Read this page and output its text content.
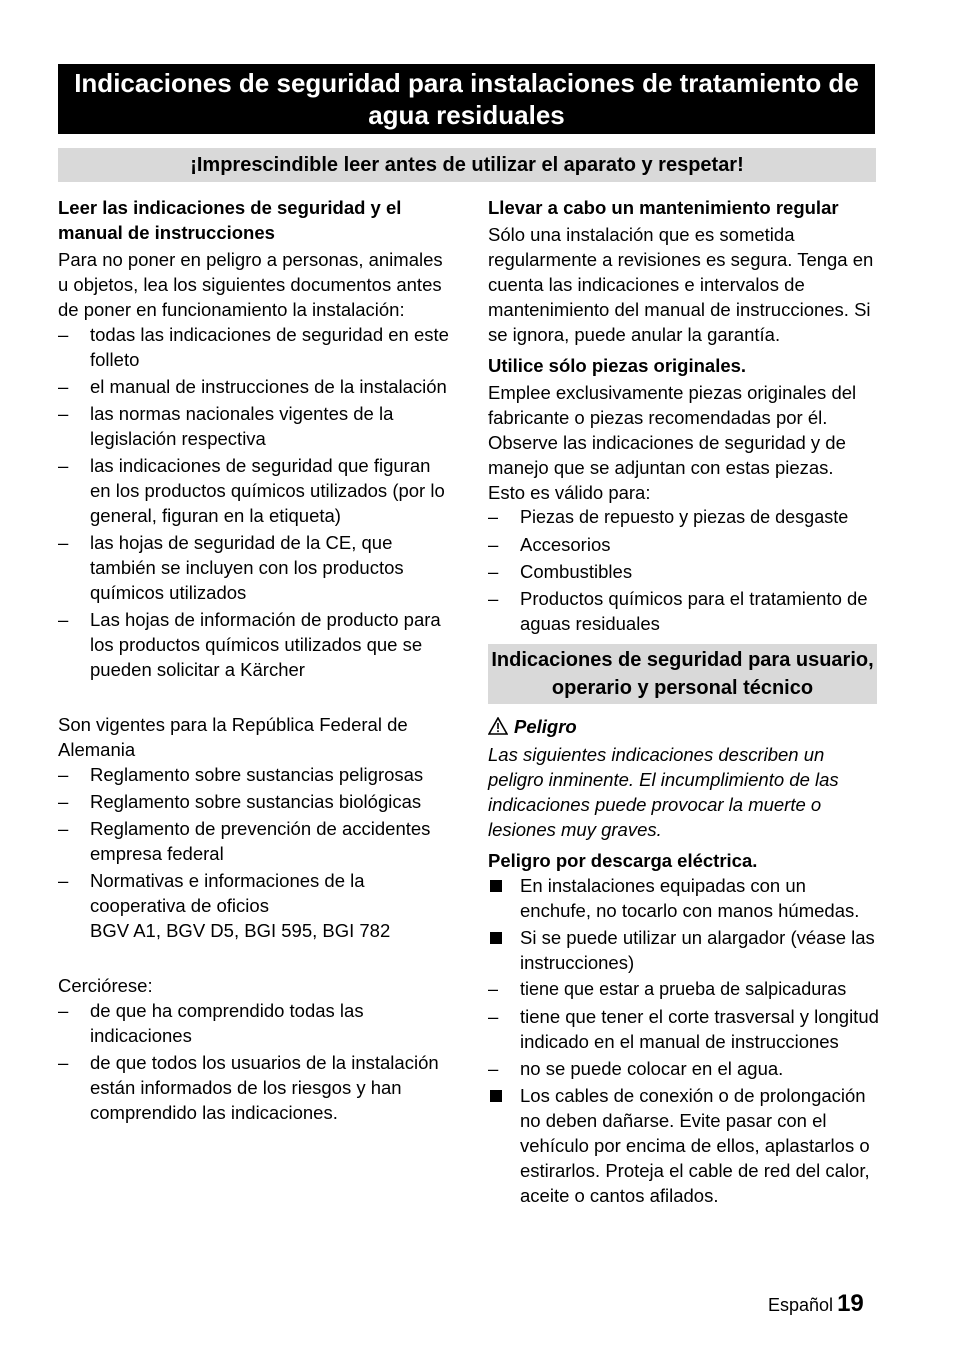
Indicaciones de seguridad para instalaciones de tratamiento de agua residuales
¡Imprescindible leer antes de utilizar el aparato y respetar!

Leer las indicaciones de seguridad y el manual de instrucciones

Para no poner en peligro a personas, animales u objetos, lea los siguientes documentos antes de poner en funcionamiento la instalación:

–	todas las indicaciones de seguridad en este folleto
–	el manual de instrucciones de la instalación
–	las normas nacionales vigentes de la legislación respectiva
–	las indicaciones de seguridad que figuran en los productos químicos utilizados (por lo general, figuran en la etiqueta)
–	las hojas de seguridad de la CE, que también se incluyen con los productos químicos utilizados
–	Las hojas de información de producto para los productos químicos utilizados que se pueden solicitar a Kärcher

Son vigentes para la República Federal de Alemania

–	Reglamento sobre sustancias peligrosas
–	Reglamento sobre sustancias biológicas
–	Reglamento de prevención de accidentes empresa federal
–	Normativas e informaciones de la cooperativa de oficios
BGV A1, BGV D5, BGI 595, BGI 782

Cerciórese:

–	de que ha comprendido todas las indicaciones
–	de que todos los usuarios de la instalación están informados de los riesgos y han comprendido las indicaciones.

Llevar a cabo un mantenimiento regular

Sólo una instalación que es sometida regularmente a revisiones es segura. Tenga en cuenta las indicaciones e intervalos de mantenimiento del manual de instrucciones. Si se ignora, puede anular la garantía.

Utilice sólo piezas originales.

Emplee exclusivamente piezas originales del fabricante o piezas recomendadas por él. Observe las indicaciones de seguridad y de manejo que se adjuntan con estas piezas.

Esto es válido para:

–	Piezas de repuesto y piezas de desgaste
–	Accesorios
–	Combustibles
–	Productos químicos para el tratamiento de aguas residuales
Indicaciones de seguridad para usuario, operario y personal técnico

Peligro

Las siguientes indicaciones describen un peligro inminente. El incumplimiento de las indicaciones puede provocar la muerte o lesiones muy graves.

Peligro por descarga eléctrica.

En instalaciones equipadas con un enchufe, no tocarlo con manos húmedas.
Si se puede utilizar un alargador (véase las instrucciones)
–	tiene que estar a prueba de salpicaduras
–	tiene que tener el corte trasversal y longitud indicado en el manual de instrucciones
–	no se puede colocar en el agua.
Los cables de conexión o de prolongación no deben dañarse. Evite pasar con el vehículo por encima de ellos, aplastarlos o estirarlos. Proteja el cable de red del calor, aceite o cantos afilados.
Español 19
